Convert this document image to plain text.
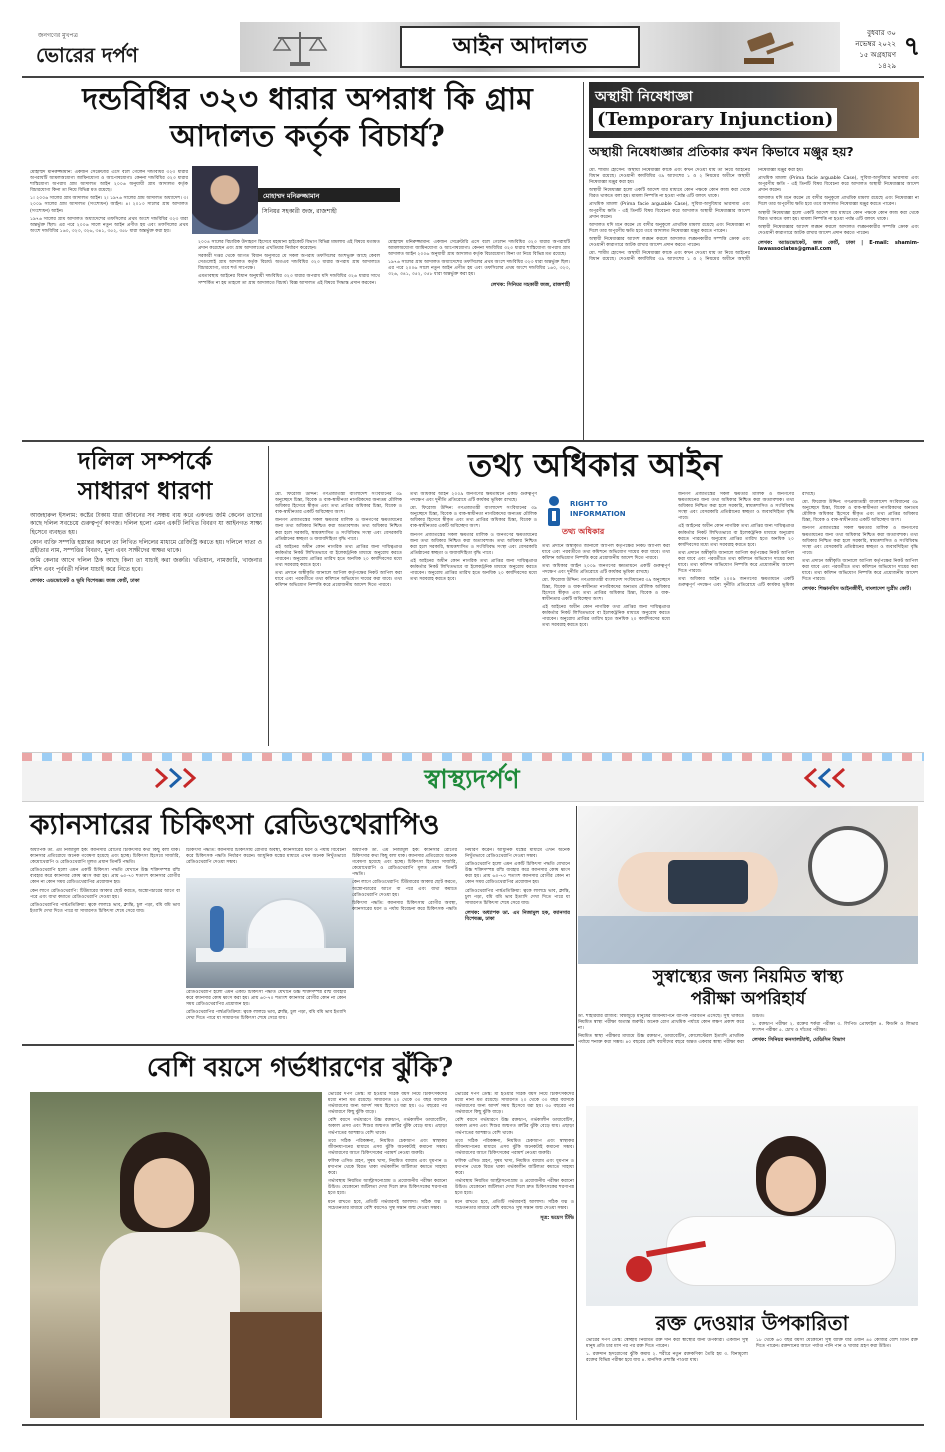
জনগণের মুখপত্র
ভোরের দর্পণ	আইন আদালত	বুধবার ৩০ নভেম্বর ২০২২
১৫ অগ্রহায়ণ ১৪২৯
৭
দন্ডবিধির ৩২৩ ধারার অপরাধ কি গ্রাম
আদালত কর্তৃক বিচার্য?
মোহাম্মদ মনিরুজ্জামান
সিনিয়র সহকারী জজ, রাজশাহী

মোহাম্মদ মনিরুজ্জামান: একজন সেক্রেটারি এসে বলে গেলেন দন্ডবিধির ৩২৩ ধারার অপরাধটি আমলঅযোগ্য জামিনযোগ্য ও আপোষযোগ্য। কেননা দন্ডবিধির ৩২৩ ধারার শাস্তিযোগ্য অপরাধ গ্রাম আদালত আইন ২০০৬ অনুযায়ী গ্রাম আদালত কর্তৃক বিচারযোগ্য কিনা তা নিয়ে বিভিন্ন মত রয়েছে।

১। ২০০৬ সালের গ্রাম আদালত আইন। ২। ১৯৭৬ সালের গ্রাম আদালত অধ্যাদেশ। ৩। ২০০৯ সালের গ্রাম আদালত (সংশোধন) আইন। ৪। ২০১৩ সালের গ্রাম আদালত (সংশোধন) আইন।

১৯৭৬ সালের গ্রাম আদালত অধ্যাদেশের তফসিলের প্রথম অংশে দন্ডবিধির ৩২৩ ধারা অন্তর্ভুক্ত ছিল। এর পরে ২০০৬ সালে নতুন আইন প্রণীত হয় এবং তফসিলের প্রথম অংশে দন্ডবিধির ১৬০, ৩২৩, ৩২৬, ৩৪১, ৩৫২, ৩৫৮ ধারা অন্তর্ভুক্ত করা হয়।

২০০৪ সালের বিচারিক উদাহরণ হিসেবে মহামান্য হাইকোর্ট বিভাগ বিভিন্ন মামলায় এই বিষয়ে মতামত প্রদান করেছেন এবং গ্রাম আদালতের এখতিয়ার নির্ধারণ করেছেন।

সরকারী দপ্তর থেকে আগত বিধান অনুসারে যে সকল অপরাধ তফসিলের অংশভুক্ত আছে কেবল সেগুলোই গ্রাম আদালত কর্তৃক বিচার্য। অতএব দন্ডবিধির ৩২৩ ধারার অপরাধ গ্রাম আদালতে বিচারযোগ্য, তবে শর্ত সাপেক্ষে।

এমতাবস্থায় আইনের বিধান অনুযায়ী দন্ডবিধির ৩২৩ ধারার অপরাধ যদি দন্ডবিধির ৩২৬ ধারার সাথে সম্পর্কিত না হয় তাহলে তা গ্রাম আদালতে বিচার্য। বিজ্ঞ আদালত এই বিষয়ে সিদ্ধান্ত প্রদান করবেন।

মোহাম্মদ মনিরুজ্জামান: একজন সেক্রেটারি এসে বলে গেলেন দন্ডবিধির ৩২৩ ধারার অপরাধটি আমলঅযোগ্য জামিনযোগ্য ও আপোষযোগ্য। কেননা দন্ডবিধির ৩২৩ ধারার শাস্তিযোগ্য অপরাধ গ্রাম আদালত আইন ২০০৬ অনুযায়ী গ্রাম আদালত কর্তৃক বিচারযোগ্য কিনা তা নিয়ে বিভিন্ন মত রয়েছে।

১৯৭৬ সালের গ্রাম আদালত অধ্যাদেশের তফসিলের প্রথম অংশে দন্ডবিধির ৩২৩ ধারা অন্তর্ভুক্ত ছিল। এর পরে ২০০৬ সালে নতুন আইন প্রণীত হয় এবং তফসিলের প্রথম অংশে দন্ডবিধির ১৬০, ৩২৩, ৩২৬, ৩৪১, ৩৫২, ৩৫৮ ধারা অন্তর্ভুক্ত করা হয়।

লেখক: সিনিয়র সহকারী জজ, রাজশাহী

অস্থায়ী নিষেধাজ্ঞা
(Temporary Injunction)
অস্থায়ী নিষেধাজ্ঞার প্রতিকার কখন কিভাবে মঞ্জুর হয়?

মো. শামীম হোসেন: অস্থায়ী নিষেধাজ্ঞা কাকে এবং কখন দেওয়া যায় তা নিয়ে আইনের বিধান রয়েছে। দেওয়ানী কার্যবিধির ৩৯ আদেশের ১ ও ২ নিয়মের অধীনে অস্থায়ী নিষেধাজ্ঞা মঞ্জুর করা হয়।

অস্থায়ী নিষেধাজ্ঞা হলো একটি আদেশ যার মাধ্যমে কোন পক্ষকে কোন কাজ করা থেকে বিরত থাকতে বলা হয়। মামলা নিষ্পত্তি না হওয়া পর্যন্ত এটি বলবৎ থাকে।

প্রাথমিক মামলা (Prima facie arguable Case), সুবিধা-অসুবিধার ভারসাম্য এবং অপূরণীয় ক্ষতি - এই তিনটি বিষয় বিবেচনা করে আদালত অস্থায়ী নিষেধাজ্ঞার আদেশ প্রদান করেন।

আদালত যদি মনে করেন যে বাদীর অনুকূলে প্রাথমিক মামলা রয়েছে এবং নিষেধাজ্ঞা না দিলে তার অপূরণীয় ক্ষতি হবে তবে আদালত নিষেধাজ্ঞা মঞ্জুর করতে পারেন।

অস্থায়ী নিষেধাজ্ঞার আদেশ লঙ্ঘন করলে আদালত লঙ্ঘনকারীর সম্পত্তি ক্রোক এবং দেওয়ানী কারাগারে আটক রাখার আদেশ প্রদান করতে পারেন।

মো. শামীম হোসেন: অস্থায়ী নিষেধাজ্ঞা কাকে এবং কখন দেওয়া যায় তা নিয়ে আইনের বিধান রয়েছে। দেওয়ানী কার্যবিধির ৩৯ আদেশের ১ ও ২ নিয়মের অধীনে অস্থায়ী নিষেধাজ্ঞা মঞ্জুর করা হয়।

প্রাথমিক মামলা (Prima facie arguable Case), সুবিধা-অসুবিধার ভারসাম্য এবং অপূরণীয় ক্ষতি - এই তিনটি বিষয় বিবেচনা করে আদালত অস্থায়ী নিষেধাজ্ঞার আদেশ প্রদান করেন।

আদালত যদি মনে করেন যে বাদীর অনুকূলে প্রাথমিক মামলা রয়েছে এবং নিষেধাজ্ঞা না দিলে তার অপূরণীয় ক্ষতি হবে তবে আদালত নিষেধাজ্ঞা মঞ্জুর করতে পারেন।

অস্থায়ী নিষেধাজ্ঞা হলো একটি আদেশ যার মাধ্যমে কোন পক্ষকে কোন কাজ করা থেকে বিরত থাকতে বলা হয়। মামলা নিষ্পত্তি না হওয়া পর্যন্ত এটি বলবৎ থাকে।

অস্থায়ী নিষেধাজ্ঞার আদেশ লঙ্ঘন করলে আদালত লঙ্ঘনকারীর সম্পত্তি ক্রোক এবং দেওয়ানী কারাগারে আটক রাখার আদেশ প্রদান করতে পারেন।

লেখক: অ্যাডভোকেট, জজ কোর্ট, ঢাকা | E-mail: shamim-lawassociates@gmail.com

দলিল সম্পর্কে
সাধারণ ধারণা

আজহারুল ইসলাম: কষ্টের টাকায় যারা জীবনের সব সঞ্চয় ব্যয় করে একখন্ড জমি কেনেন তাদের কাছে দলিল সবচেয়ে গুরুত্বপূর্ণ কাগজ। দলিল হলো এমন একটি লিখিত বিবরণ যা আইনগত সাক্ষ্য হিসেবে ব্যবহৃত হয়।

কোন ব্যক্তি সম্পত্তি হস্তান্তর করলে তা লিখিত দলিলের মাধ্যমে রেজিস্ট্রি করতে হয়। দলিলে দাতা ও গ্রহীতার নাম, সম্পত্তির বিবরণ, মূল্য এবং সাক্ষীদের স্বাক্ষর থাকে।

জমি কেনার আগে দলিল ঠিক আছে কিনা তা যাচাই করা জরুরি। খতিয়ান, নামজারি, খাজনার রশিদ এবং পূর্ববর্তী দলিল যাচাই করে নিতে হবে।

লেখক: এডভোকেট ও ভূমি বিশেষজ্ঞ। জজ কোর্ট, ঢাকা

তথ্য অধিকার আইন

মো. ফিরোজ উদ্দিন: গণপ্রজাতন্ত্রী বাংলাদেশ সংবিধানের ৩৯ অনুচ্ছেদে চিন্তা, বিবেক ও বাক-স্বাধীনতা নাগরিকদের অন্যতম মৌলিক অধিকার হিসেবে স্বীকৃত এবং তথ্য প্রাপ্তির অধিকার চিন্তা, বিবেক ও বাক-স্বাধীনতার একটি অবিচ্ছেদ্য অংশ।

জনগণ প্রজাতন্ত্রের সকল ক্ষমতার মালিক ও জনগণের ক্ষমতায়নের জন্য তথ্য অধিকার নিশ্চিত করা অত্যাবশ্যক। তথ্য অধিকার নিশ্চিত করা হলে সরকারি, স্বায়ত্তশাসিত ও সংবিধিবদ্ধ সংস্থা এবং বেসরকারি প্রতিষ্ঠানের স্বচ্ছতা ও জবাবদিহিতা বৃদ্ধি পাবে।

এই আইনের অধীন কোন নাগরিক তথ্য প্রাপ্তির জন্য দায়িত্বপ্রাপ্ত কর্মকর্তার নিকট লিখিতভাবে বা ইলেকট্রনিক মাধ্যমে অনুরোধ করতে পারবেন। অনুরোধ প্রাপ্তির তারিখ হতে অনধিক ২০ কার্যদিবসের মধ্যে তথ্য সরবরাহ করতে হবে।

তথ্য প্রদানে অস্বীকৃতি জানালে আপিল কর্তৃপক্ষের নিকট আপিল করা যাবে এবং পরবর্তীতে তথ্য কমিশনে অভিযোগ দায়ের করা যাবে। তথ্য কমিশন অভিযোগ নিষ্পত্তি করে প্রয়োজনীয় আদেশ দিতে পারবে।

তথ্য অধিকার আইন ২০০৯ জনগণের ক্ষমতায়নে একটি গুরুত্বপূর্ণ পদক্ষেপ এবং দুর্নীতি প্রতিরোধে এটি কার্যকর ভূমিকা রাখছে।

মো. ফিরোজ উদ্দিন: গণপ্রজাতন্ত্রী বাংলাদেশ সংবিধানের ৩৯ অনুচ্ছেদে চিন্তা, বিবেক ও বাক-স্বাধীনতা নাগরিকদের অন্যতম মৌলিক অধিকার হিসেবে স্বীকৃত এবং তথ্য প্রাপ্তির অধিকার চিন্তা, বিবেক ও বাক-স্বাধীনতার একটি অবিচ্ছেদ্য অংশ।

জনগণ প্রজাতন্ত্রের সকল ক্ষমতার মালিক ও জনগণের ক্ষমতায়নের জন্য তথ্য অধিকার নিশ্চিত করা অত্যাবশ্যক। তথ্য অধিকার নিশ্চিত করা হলে সরকারি, স্বায়ত্তশাসিত ও সংবিধিবদ্ধ সংস্থা এবং বেসরকারি প্রতিষ্ঠানের স্বচ্ছতা ও জবাবদিহিতা বৃদ্ধি পাবে।

এই আইনের অধীন কোন নাগরিক তথ্য প্রাপ্তির জন্য দায়িত্বপ্রাপ্ত কর্মকর্তার নিকট লিখিতভাবে বা ইলেকট্রনিক মাধ্যমে অনুরোধ করতে পারবেন। অনুরোধ প্রাপ্তির তারিখ হতে অনধিক ২০ কার্যদিবসের মধ্যে তথ্য সরবরাহ করতে হবে।

RIGHT TO
INFORMATION
তথ্য অধিকার

তথ্য প্রদানে অস্বীকৃতি জানালে আপিল কর্তৃপক্ষের নিকট আপিল করা যাবে এবং পরবর্তীতে তথ্য কমিশনে অভিযোগ দায়ের করা যাবে। তথ্য কমিশন অভিযোগ নিষ্পত্তি করে প্রয়োজনীয় আদেশ দিতে পারবে।

তথ্য অধিকার আইন ২০০৯ জনগণের ক্ষমতায়নে একটি গুরুত্বপূর্ণ পদক্ষেপ এবং দুর্নীতি প্রতিরোধে এটি কার্যকর ভূমিকা রাখছে।

মো. ফিরোজ উদ্দিন: গণপ্রজাতন্ত্রী বাংলাদেশ সংবিধানের ৩৯ অনুচ্ছেদে চিন্তা, বিবেক ও বাক-স্বাধীনতা নাগরিকদের অন্যতম মৌলিক অধিকার হিসেবে স্বীকৃত এবং তথ্য প্রাপ্তির অধিকার চিন্তা, বিবেক ও বাক-স্বাধীনতার একটি অবিচ্ছেদ্য অংশ।

এই আইনের অধীন কোন নাগরিক তথ্য প্রাপ্তির জন্য দায়িত্বপ্রাপ্ত কর্মকর্তার নিকট লিখিতভাবে বা ইলেকট্রনিক মাধ্যমে অনুরোধ করতে পারবেন। অনুরোধ প্রাপ্তির তারিখ হতে অনধিক ২০ কার্যদিবসের মধ্যে তথ্য সরবরাহ করতে হবে।

জনগণ প্রজাতন্ত্রের সকল ক্ষমতার মালিক ও জনগণের ক্ষমতায়নের জন্য তথ্য অধিকার নিশ্চিত করা অত্যাবশ্যক। তথ্য অধিকার নিশ্চিত করা হলে সরকারি, স্বায়ত্তশাসিত ও সংবিধিবদ্ধ সংস্থা এবং বেসরকারি প্রতিষ্ঠানের স্বচ্ছতা ও জবাবদিহিতা বৃদ্ধি পাবে।

এই আইনের অধীন কোন নাগরিক তথ্য প্রাপ্তির জন্য দায়িত্বপ্রাপ্ত কর্মকর্তার নিকট লিখিতভাবে বা ইলেকট্রনিক মাধ্যমে অনুরোধ করতে পারবেন। অনুরোধ প্রাপ্তির তারিখ হতে অনধিক ২০ কার্যদিবসের মধ্যে তথ্য সরবরাহ করতে হবে।

তথ্য প্রদানে অস্বীকৃতি জানালে আপিল কর্তৃপক্ষের নিকট আপিল করা যাবে এবং পরবর্তীতে তথ্য কমিশনে অভিযোগ দায়ের করা যাবে। তথ্য কমিশন অভিযোগ নিষ্পত্তি করে প্রয়োজনীয় আদেশ দিতে পারবে।

তথ্য অধিকার আইন ২০০৯ জনগণের ক্ষমতায়নে একটি গুরুত্বপূর্ণ পদক্ষেপ এবং দুর্নীতি প্রতিরোধে এটি কার্যকর ভূমিকা রাখছে।

মো. ফিরোজ উদ্দিন: গণপ্রজাতন্ত্রী বাংলাদেশ সংবিধানের ৩৯ অনুচ্ছেদে চিন্তা, বিবেক ও বাক-স্বাধীনতা নাগরিকদের অন্যতম মৌলিক অধিকার হিসেবে স্বীকৃত এবং তথ্য প্রাপ্তির অধিকার চিন্তা, বিবেক ও বাক-স্বাধীনতার একটি অবিচ্ছেদ্য অংশ।

জনগণ প্রজাতন্ত্রের সকল ক্ষমতার মালিক ও জনগণের ক্ষমতায়নের জন্য তথ্য অধিকার নিশ্চিত করা অত্যাবশ্যক। তথ্য অধিকার নিশ্চিত করা হলে সরকারি, স্বায়ত্তশাসিত ও সংবিধিবদ্ধ সংস্থা এবং বেসরকারি প্রতিষ্ঠানের স্বচ্ছতা ও জবাবদিহিতা বৃদ্ধি পাবে।

তথ্য প্রদানে অস্বীকৃতি জানালে আপিল কর্তৃপক্ষের নিকট আপিল করা যাবে এবং পরবর্তীতে তথ্য কমিশনে অভিযোগ দায়ের করা যাবে। তথ্য কমিশন অভিযোগ নিষ্পত্তি করে প্রয়োজনীয় আদেশ দিতে পারবে।

লেখক: শিক্ষানবিস আইনজীবী, বাংলাদেশ সুপ্রীম কোর্ট।

স্বাস্থ্যদর্পণ
ক্যানসারের চিকিৎসা রেডিওথেরাপিও

অধ্যাপক ডা. এম নিজামুল হক: ক্যানসার রোগের চিকিৎসার কথা কিছু বলা যাক। ক্যানসার প্রতিরোধে অনেক গবেষণা হয়েছে এবং হচ্ছে। চিকিৎসা হিসেবে সার্জারি, কেমোথেরাপি ও রেডিওথেরাপি মূলত প্রধান তিনটি পদ্ধতি।

রেডিওথেরাপি হলো এমন একটি চিকিৎসা পদ্ধতি যেখানে উচ্চ শক্তিসম্পন্ন রশ্মি ব্যবহার করে ক্যানসার কোষ ধ্বংস করা হয়। প্রায় ৬০-৭০ শতাংশ ক্যানসার রোগীর কোন না কোন সময় রেডিওথেরাপির প্রয়োজন হয়।

কেন লাগে রেডিওথেরাপি: টিউমারের আকার ছোট করতে, অস্ত্রোপচারের আগে বা পরে এবং ব্যথা কমাতে রেডিওথেরাপি দেওয়া হয়।

রেডিওথেরাপির পার্শ্বপ্রতিক্রিয়া: ত্বকে লালচে ভাব, ক্লান্তি, চুল পড়া, বমি বমি ভাব ইত্যাদি দেখা দিতে পারে যা সাধারণত চিকিৎসা শেষে সেরে যায়।

চিকিৎসা পদ্ধতি: ক্যানসার চিকিৎসায় রোগীর অবস্থা, ক্যানসারের ধরণ ও পর্যায় বিবেচনা করে চিকিৎসক পদ্ধতি নির্ধারণ করেন। আধুনিক যন্ত্রের মাধ্যমে এখন অনেক নিখুঁতভাবে রেডিওথেরাপি দেওয়া সম্ভব।

রেডিওথেরাপি হলো এমন একটি চিকিৎসা পদ্ধতি যেখানে উচ্চ শক্তিসম্পন্ন রশ্মি ব্যবহার করে ক্যানসার কোষ ধ্বংস করা হয়। প্রায় ৬০-৭০ শতাংশ ক্যানসার রোগীর কোন না কোন সময় রেডিওথেরাপির প্রয়োজন হয়।

রেডিওথেরাপির পার্শ্বপ্রতিক্রিয়া: ত্বকে লালচে ভাব, ক্লান্তি, চুল পড়া, বমি বমি ভাব ইত্যাদি দেখা দিতে পারে যা সাধারণত চিকিৎসা শেষে সেরে যায়।

অধ্যাপক ডা. এম নিজামুল হক: ক্যানসার রোগের চিকিৎসার কথা কিছু বলা যাক। ক্যানসার প্রতিরোধে অনেক গবেষণা হয়েছে এবং হচ্ছে। চিকিৎসা হিসেবে সার্জারি, কেমোথেরাপি ও রেডিওথেরাপি মূলত প্রধান তিনটি পদ্ধতি।

কেন লাগে রেডিওথেরাপি: টিউমারের আকার ছোট করতে, অস্ত্রোপচারের আগে বা পরে এবং ব্যথা কমাতে রেডিওথেরাপি দেওয়া হয়।

চিকিৎসা পদ্ধতি: ক্যানসার চিকিৎসায় রোগীর অবস্থা, ক্যানসারের ধরণ ও পর্যায় বিবেচনা করে চিকিৎসক পদ্ধতি নির্ধারণ করেন। আধুনিক যন্ত্রের মাধ্যমে এখন অনেক নিখুঁতভাবে রেডিওথেরাপি দেওয়া সম্ভব।

রেডিওথেরাপি হলো এমন একটি চিকিৎসা পদ্ধতি যেখানে উচ্চ শক্তিসম্পন্ন রশ্মি ব্যবহার করে ক্যানসার কোষ ধ্বংস করা হয়। প্রায় ৬০-৭০ শতাংশ ক্যানসার রোগীর কোন না কোন সময় রেডিওথেরাপির প্রয়োজন হয়।

রেডিওথেরাপির পার্শ্বপ্রতিক্রিয়া: ত্বকে লালচে ভাব, ক্লান্তি, চুল পড়া, বমি বমি ভাব ইত্যাদি দেখা দিতে পারে যা সাধারণত চিকিৎসা শেষে সেরে যায়।

লেখক: অধ্যাপক ডা. এম নিজামুল হক, ক্যানসার বিশেষজ্ঞ, ঢাকা

সুস্বাস্থ্যের জন্য নিয়মিত স্বাস্থ্য
পরীক্ষা অপরিহার্য
বেশি বয়সে গর্ভধারণের ঝুঁকি?

ভোরের দর্পণ ডেস্ক: মা হওয়ার সঠিক বয়স নিয়ে চিকিৎসকদের মধ্যে নানা মত রয়েছে। সাধারণত ২০ থেকে ৩০ বছর বয়সকে গর্ভধারণের জন্য আদর্শ সময় হিসেবে ধরা হয়। ৩৫ বছরের পর গর্ভধারণে কিছু ঝুঁকি বাড়ে।

বেশি বয়সে গর্ভধারণে উচ্চ রক্তচাপ, গর্ভকালীন ডায়াবেটিস, অকাল প্রসব এবং শিশুর জন্মগত ত্রুটির ঝুঁকি বেড়ে যায়। এছাড়া গর্ভপাতের আশঙ্কাও বেশি থাকে।

তবে সঠিক পরিকল্পনা, নিয়মিত চেকআপ এবং স্বাস্থ্যকর জীবনযাপনের মাধ্যমে এসব ঝুঁকি অনেকটাই কমানো সম্ভব। গর্ভধারণের আগে চিকিৎসকের পরামর্শ নেওয়া জরুরি।

ফলিক এসিড গ্রহণ, সুষম খাদ্য, নিয়মিত ব্যায়াম এবং ধূমপান ও মদ্যপান থেকে বিরত থাকা গর্ভকালীন জটিলতা কমাতে সাহায্য করে।

গর্ভাবস্থায় নিয়মিত আল্ট্রাসনোগ্রাম ও প্রয়োজনীয় পরীক্ষা করানো উচিত। যেকোনো জটিলতা দেখা দিলে দ্রুত চিকিৎসকের শরণাপন্ন হতে হবে।

মনে রাখতে হবে, প্রতিটি গর্ভধারণই আলাদা। সঠিক যত্ন ও সচেতনতার মাধ্যমে বেশি বয়সেও সুস্থ সন্তান জন্ম দেওয়া সম্ভব।

ভোরের দর্পণ ডেস্ক: মা হওয়ার সঠিক বয়স নিয়ে চিকিৎসকদের মধ্যে নানা মত রয়েছে। সাধারণত ২০ থেকে ৩০ বছর বয়সকে গর্ভধারণের জন্য আদর্শ সময় হিসেবে ধরা হয়। ৩৫ বছরের পর গর্ভধারণে কিছু ঝুঁকি বাড়ে।

বেশি বয়সে গর্ভধারণে উচ্চ রক্তচাপ, গর্ভকালীন ডায়াবেটিস, অকাল প্রসব এবং শিশুর জন্মগত ত্রুটির ঝুঁকি বেড়ে যায়। এছাড়া গর্ভপাতের আশঙ্কাও বেশি থাকে।

তবে সঠিক পরিকল্পনা, নিয়মিত চেকআপ এবং স্বাস্থ্যকর জীবনযাপনের মাধ্যমে এসব ঝুঁকি অনেকটাই কমানো সম্ভব। গর্ভধারণের আগে চিকিৎসকের পরামর্শ নেওয়া জরুরি।

ফলিক এসিড গ্রহণ, সুষম খাদ্য, নিয়মিত ব্যায়াম এবং ধূমপান ও মদ্যপান থেকে বিরত থাকা গর্ভকালীন জটিলতা কমাতে সাহায্য করে।

গর্ভাবস্থায় নিয়মিত আল্ট্রাসনোগ্রাম ও প্রয়োজনীয় পরীক্ষা করানো উচিত। যেকোনো জটিলতা দেখা দিলে দ্রুত চিকিৎসকের শরণাপন্ন হতে হবে।

মনে রাখতে হবে, প্রতিটি গর্ভধারণই আলাদা। সঠিক যত্ন ও সচেতনতার মাধ্যমে বেশি বয়সেও সুস্থ সন্তান জন্ম দেওয়া সম্ভব।

সূত্র: ভয়েস টিভি

ডা. শাহরিয়ার রাজিব: বিশ্বজুড়ে মানুষের জীবনযাপনে ব্যাপক পরিবর্তন এসেছে। সুস্থ থাকতে নিয়মিত স্বাস্থ্য পরীক্ষা অত্যন্ত জরুরি। অনেক রোগ প্রাথমিক পর্যায়ে কোন লক্ষণ প্রকাশ করে না।

নিয়মিত স্বাস্থ্য পরীক্ষার মাধ্যমে উচ্চ রক্তচাপ, ডায়াবেটিস, কোলেস্টেরল ইত্যাদি প্রাথমিক পর্যায়ে শনাক্ত করা সম্ভব। ৪০ বছরের বেশি বয়সীদের বছরে অন্তত একবার স্বাস্থ্য পরীক্ষা করা উচিত।

১. রক্তচাপ পরীক্ষা ২. রক্তের শর্করা পরীক্ষা ৩. লিপিড প্রোফাইল ৪. কিডনি ও লিভার ফাংশন পরীক্ষা ৫. চোখ ও দাঁতের পরীক্ষা।

লেখক: সিনিয়র কনসালট্যান্ট, মেডিসিন বিভাগ

রক্ত দেওয়ার উপকারিতা

ভোরের দর্পণ ডেস্ক: স্বেচ্ছায় নিয়মিত রক্ত দান করা স্বাস্থ্যের জন্য উপকারী। একজন সুস্থ মানুষ প্রতি চার মাস পর পর রক্ত দিতে পারেন।

১. রক্তদান হৃদরোগের ঝুঁকি কমায় ২. শরীরে নতুন রক্তকণিকা তৈরি হয় ৩. বিনামূল্যে রক্তের বিভিন্ন পরীক্ষা হয়ে যায় ৪. মানসিক প্রশান্তি পাওয়া যায়।

১৮ থেকে ৬০ বছর বয়সী যেকোনো সুস্থ ব্যক্তি যার ওজন ৪৫ কেজির বেশি তিনি রক্ত দিতে পারেন। রক্তদানের আগে পর্যাপ্ত পানি পান ও খাবার গ্রহণ করা উচিত।
